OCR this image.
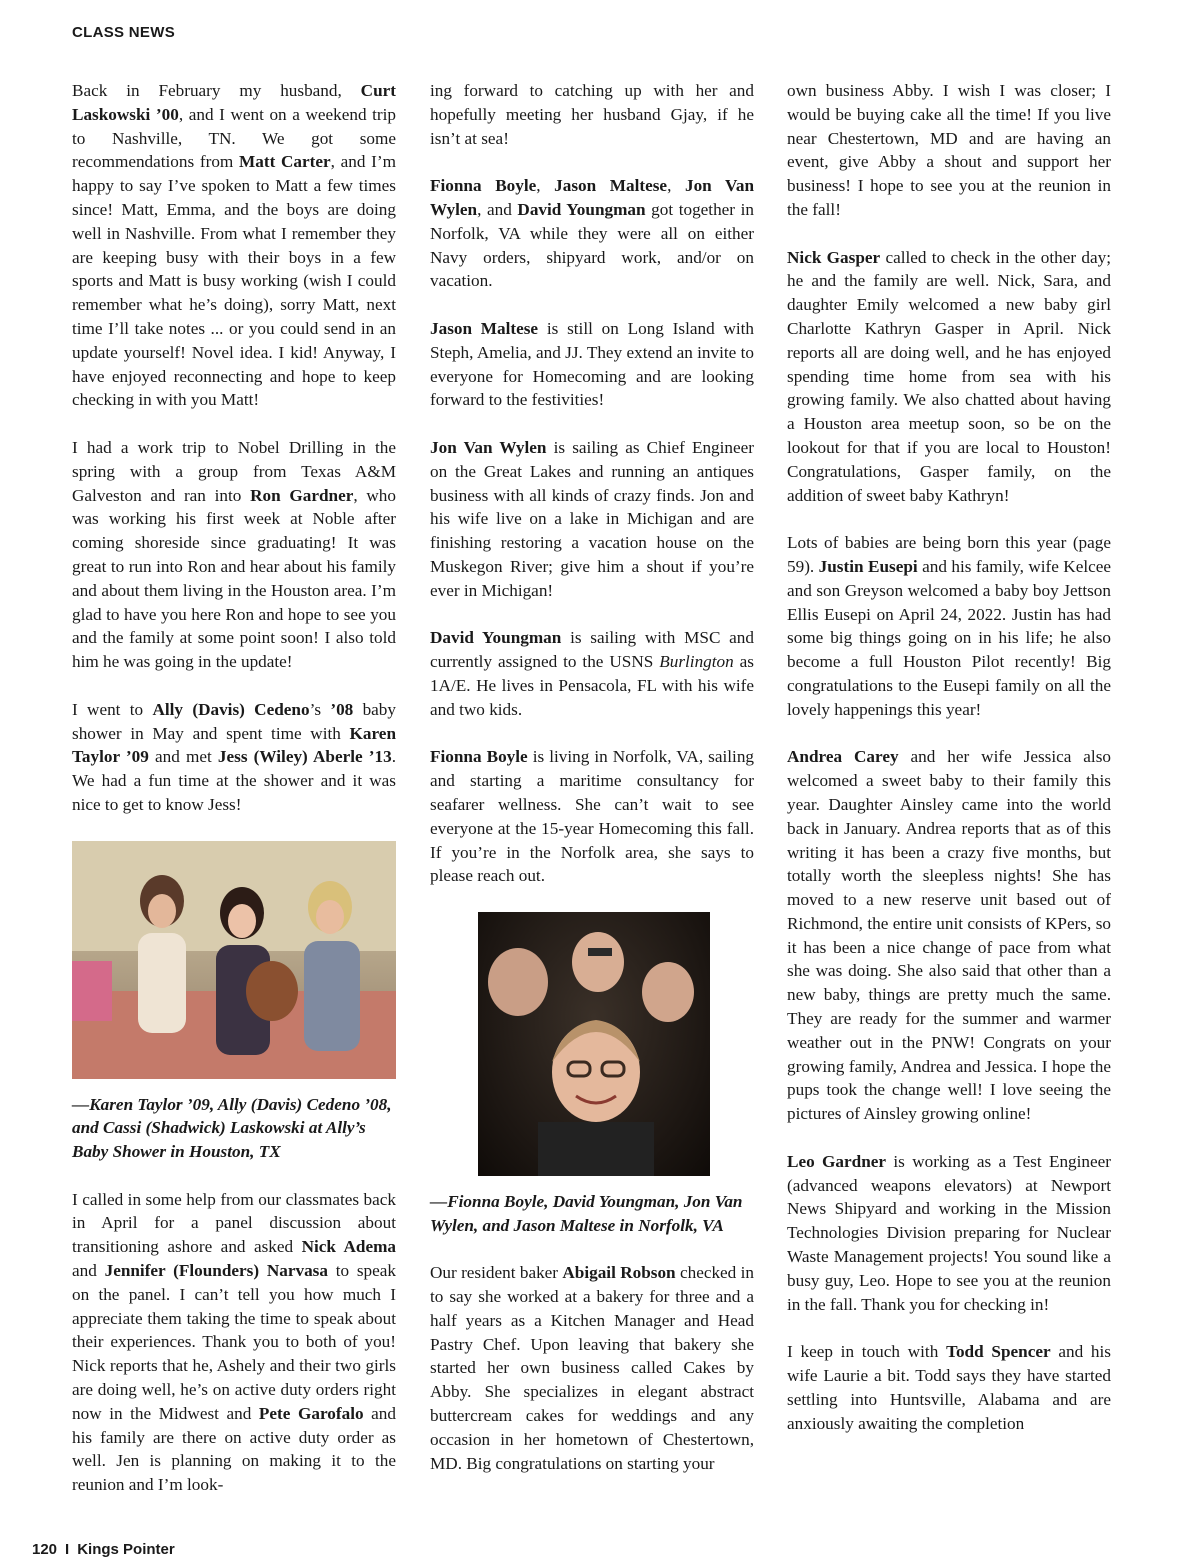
CLASS NEWS

Back in February my husband, Curt Laskowski ’00, and I went on a weekend trip to Nashville, TN. We got some recommendations from Matt Carter, and I’m happy to say I’ve spoken to Matt a few times since! Matt, Emma, and the boys are doing well in Nashville. From what I remember they are keeping busy with their boys in a few sports and Matt is busy working (wish I could remember what he’s doing), sorry Matt, next time I’ll take notes ... or you could send in an update yourself! Novel idea. I kid! Anyway, I have enjoyed reconnecting and hope to keep checking in with you Matt!

I had a work trip to Nobel Drilling in the spring with a group from Texas A&M Galveston and ran into Ron Gardner, who was working his first week at Noble after coming shoreside since graduating! It was great to run into Ron and hear about his family and about them living in the Houston area. I’m glad to have you here Ron and hope to see you and the family at some point soon! I also told him he was going in the update!

I went to Ally (Davis) Cedeno’s ’08 baby shower in May and spent time with Karen Taylor ’09 and met Jess (Wiley) Aberle ’13. We had a fun time at the shower and it was nice to get to know Jess!

—Karen Taylor ’09, Ally (Davis) Cedeno ’08, and Cassi (Shadwick) Laskowski at Ally’s Baby Shower in Houston, TX

I called in some help from our classmates back in April for a panel discussion about transitioning ashore and asked Nick Adema and Jennifer (Flounders) Narvasa to speak on the panel. I can’t tell you how much I appreciate them taking the time to speak about their experiences. Thank you to both of you! Nick reports that he, Ashely and their two girls are doing well, he’s on active duty orders right now in the Midwest and Pete Garofalo and his family are there on active duty order as well. Jen is planning on making it to the reunion and I’m look-

ing forward to catching up with her and hopefully meeting her husband Gjay, if he isn’t at sea!

Fionna Boyle, Jason Maltese, Jon Van Wylen, and David Youngman got together in Norfolk, VA while they were all on either Navy orders, shipyard work, and/or on vacation.

Jason Maltese is still on Long Island with Steph, Amelia, and JJ. They extend an invite to everyone for Homecoming and are looking forward to the festivities!

Jon Van Wylen is sailing as Chief Engineer on the Great Lakes and running an antiques business with all kinds of crazy finds. Jon and his wife live on a lake in Michigan and are finishing restoring a vacation house on the Muskegon River; give him a shout if you’re ever in Michigan!

David Youngman is sailing with MSC and currently assigned to the USNS Burlington as 1A/E. He lives in Pensacola, FL with his wife and two kids.

Fionna Boyle is living in Norfolk, VA, sailing and starting a maritime consultancy for seafarer wellness. She can’t wait to see everyone at the 15-year Homecoming this fall. If you’re in the Norfolk area, she says to please reach out.

—Fionna Boyle, David Youngman, Jon Van Wylen, and Jason Maltese in Norfolk, VA

Our resident baker Abigail Robson checked in to say she worked at a bakery for three and a half years as a Kitchen Manager and Head Pastry Chef. Upon leaving that bakery she started her own business called Cakes by Abby. She specializes in elegant abstract buttercream cakes for weddings and any occasion in her hometown of Chestertown, MD. Big congratulations on starting your

own business Abby. I wish I was closer; I would be buying cake all the time! If you live near Chestertown, MD and are having an event, give Abby a shout and support her business! I hope to see you at the reunion in the fall!

Nick Gasper called to check in the other day; he and the family are well. Nick, Sara, and daughter Emily welcomed a new baby girl Charlotte Kathryn Gasper in April. Nick reports all are doing well, and he has enjoyed spending time home from sea with his growing family. We also chatted about having a Houston area meetup soon, so be on the lookout for that if you are local to Houston! Congratulations, Gasper family, on the addition of sweet baby Kathryn!

Lots of babies are being born this year (page 59). Justin Eusepi and his family, wife Kelcee and son Greyson welcomed a baby boy Jettson Ellis Eusepi on April 24, 2022. Justin has had some big things going on in his life; he also become a full Houston Pilot recently! Big congratulations to the Eusepi family on all the lovely happenings this year!

Andrea Carey and her wife Jessica also welcomed a sweet baby to their family this year. Daughter Ainsley came into the world back in January. Andrea reports that as of this writing it has been a crazy five months, but totally worth the sleepless nights! She has moved to a new reserve unit based out of Richmond, the entire unit consists of KPers, so it has been a nice change of pace from what she was doing. She also said that other than a new baby, things are pretty much the same. They are ready for the summer and warmer weather out in the PNW! Congrats on your growing family, Andrea and Jessica. I hope the pups took the change well! I love seeing the pictures of Ainsley growing online!

Leo Gardner is working as a Test Engineer (advanced weapons elevators) at Newport News Shipyard and working in the Mission Technologies Division preparing for Nuclear Waste Management projects! You sound like a busy guy, Leo. Hope to see you at the reunion in the fall. Thank you for checking in!

I keep in touch with Todd Spencer and his wife Laurie a bit. Todd says they have started settling into Huntsville, Alabama and are anxiously awaiting the completion

120 I Kings Pointer
